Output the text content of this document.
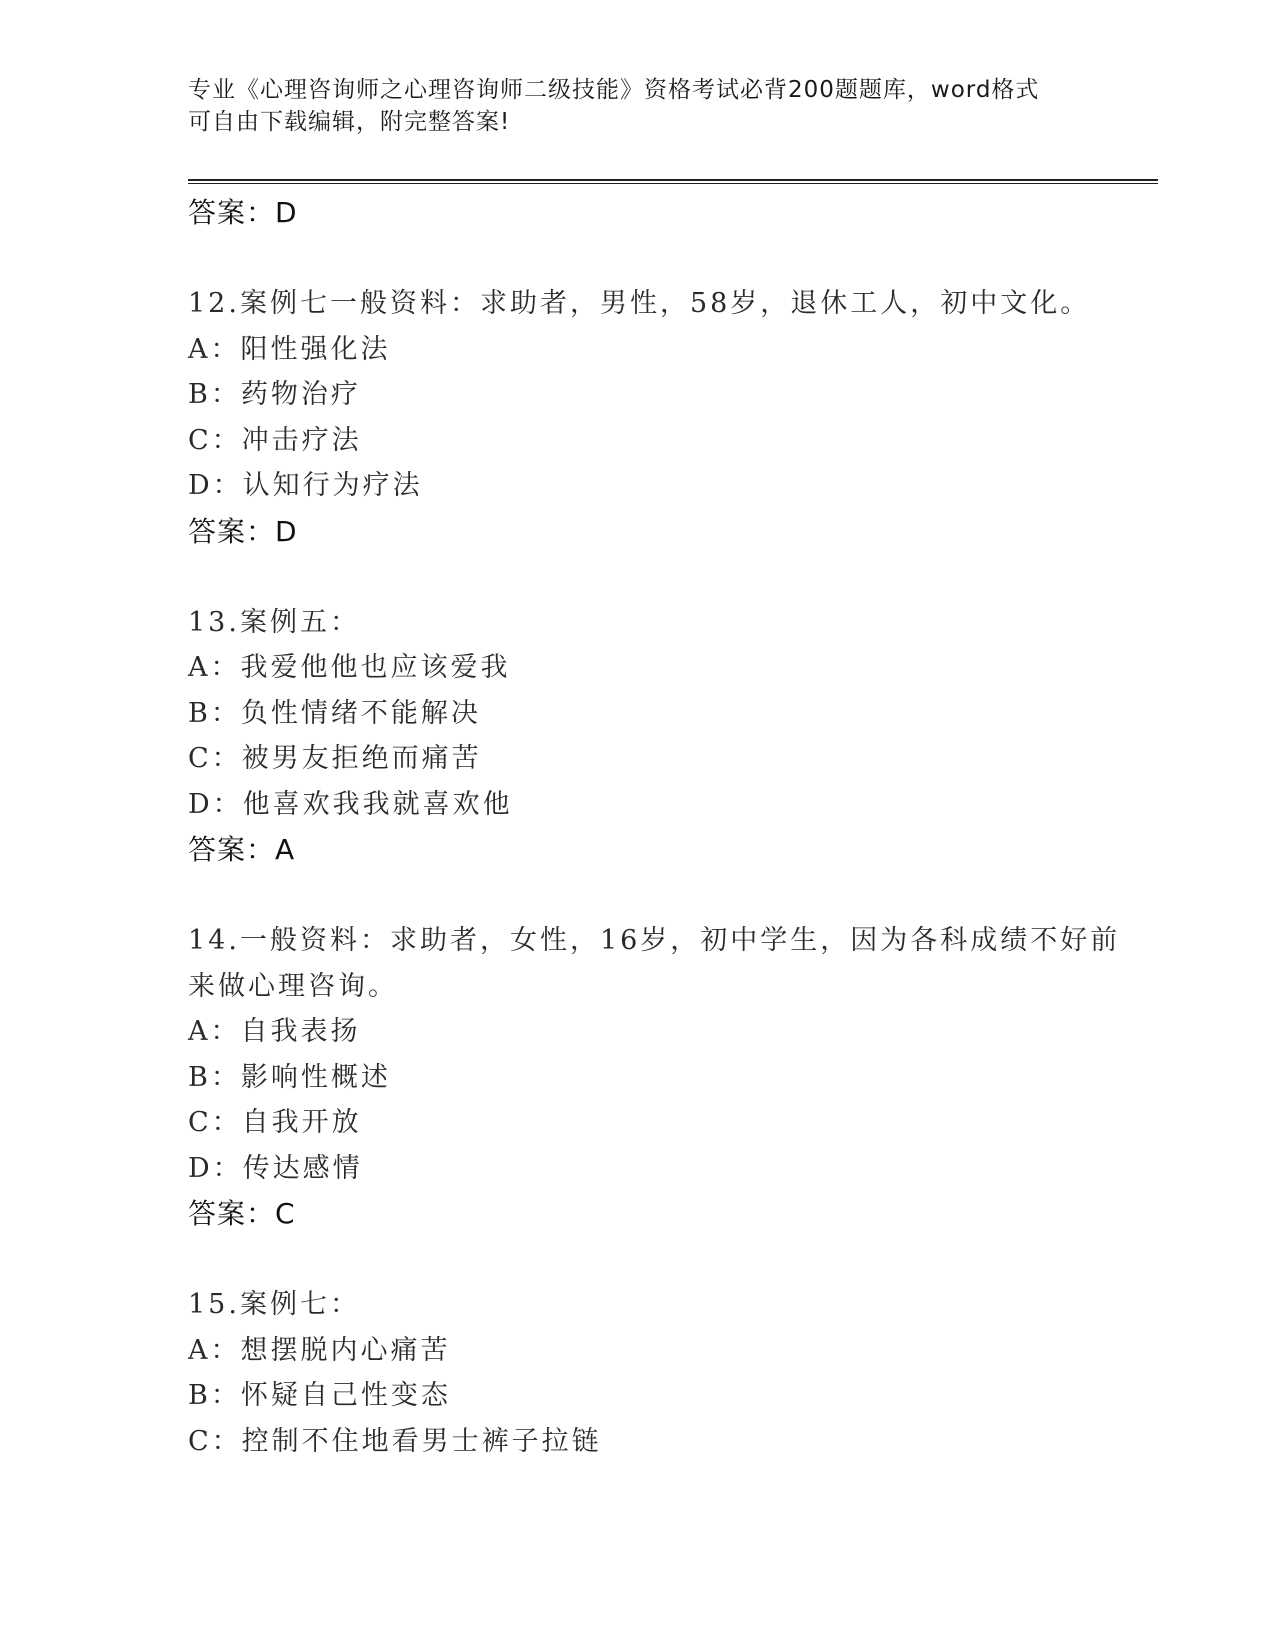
专业《心理咨询师之心理咨询师二级技能》资格考试必背200题题库，word格式
可自由下载编辑，附完整答案!
答案：D
12.案例七一般资料：求助者，男性，58岁，退休工人，初中文化。
A：阳性强化法
B：药物治疗
C：冲击疗法
D：认知行为疗法
答案：D
13.案例五：
A：我爱他他也应该爱我
B：负性情绪不能解决
C：被男友拒绝而痛苦
D：他喜欢我我就喜欢他
答案：A
14.一般资料：求助者，女性，16岁，初中学生，因为各科成绩不好前
来做心理咨询。
A：自我表扬
B：影响性概述
C：自我开放
D：传达感情
答案：C
15.案例七：
A：想摆脱内心痛苦
B：怀疑自己性变态
C：控制不住地看男士裤子拉链
